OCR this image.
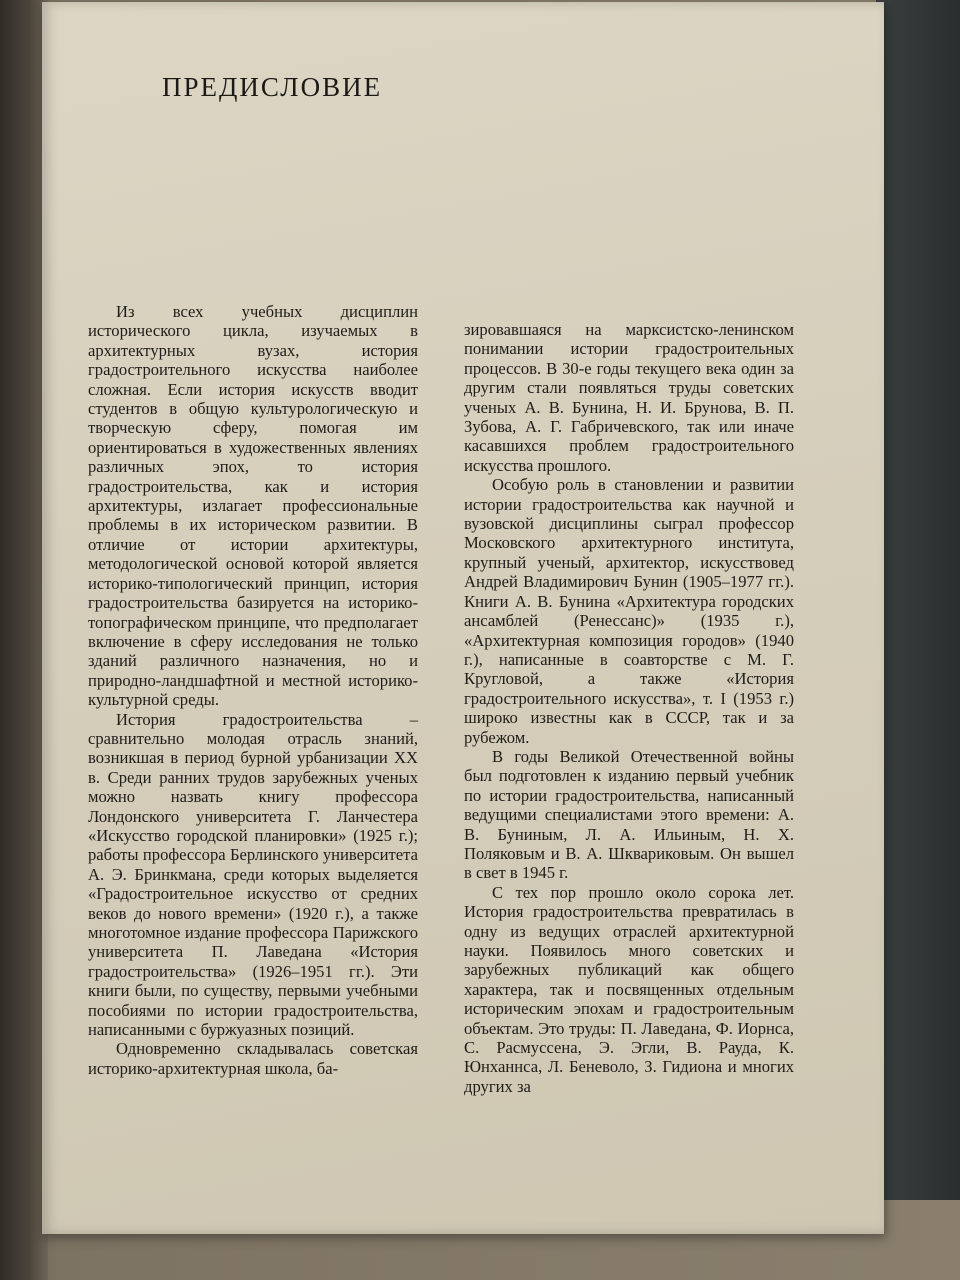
ПРЕДИСЛОВИЕ

Из всех учебных дисциплин исторического цикла, изучаемых в архитектурных вузах, история градостроительного искусства наиболее сложная. Если история искусств вводит студентов в общую культурологическую и творческую сферу, помогая им ориентироваться в художественных явлениях различных эпох, то история градостроительства, как и история архитектуры, излагает профессиональные проблемы в их историческом развитии. В отличие от истории архитектуры, методологической основой которой является историко-типологический принцип, история градостроительства базируется на историко-топографическом принципе, что предполагает включение в сферу исследования не только зданий различного назначения, но и природно-ландшафтной и местной историко-культурной среды.

История градостроительства – сравнительно молодая отрасль знаний, возникшая в период бурной урбанизации XX в. Среди ранних трудов зарубежных ученых можно назвать книгу профессора Лондонского университета Г. Ланчестера «Искусство городской планировки» (1925 г.); работы профессора Берлинского университета А. Э. Бринкмана, среди которых выделяется «Градостроительное искусство от средних веков до нового времени» (1920 г.), а также многотомное издание профессора Парижского университета П. Лаведана «История градостроительства» (1926–1951 гг.). Эти книги были, по существу, первыми учебными пособиями по истории градостроительства, написанными с буржуазных позиций.

Одновременно складывалась советская историко-архитектурная школа, ба-

зировавшаяся на марксистско-ленинском понимании истории градостроительных процессов. В 30-е годы текущего века один за другим стали появляться труды советских ученых А. В. Бунина, Н. И. Брунова, В. П. Зубова, А. Г. Габричевского, так или иначе касавшихся проблем градостроительного искусства прошлого.

Особую роль в становлении и развитии истории градостроительства как научной и вузовской дисциплины сыграл профессор Московского архитектурного института, крупный ученый, архитектор, искусствовед Андрей Владимирович Бунин (1905–1977 гг.). Книги А. В. Бунина «Архитектура городских ансамблей (Ренессанс)» (1935 г.), «Архитектурная композиция городов» (1940 г.), написанные в соавторстве с М. Г. Кругловой, а также «История градостроительного искусства», т. I (1953 г.) широко известны как в СССР, так и за рубежом.

В годы Великой Отечественной войны был подготовлен к изданию первый учебник по истории градостроительства, написанный ведущими специалистами этого времени: А. В. Буниным, Л. А. Ильиным, Н. Х. Поляковым и В. А. Шквариковым. Он вышел в свет в 1945 г.

С тех пор прошло около сорока лет. История градостроительства превратилась в одну из ведущих отраслей архитектурной науки. Появилось много советских и зарубежных публикаций как общего характера, так и посвященных отдельным историческим эпохам и градостроительным объектам. Это труды: П. Лаведана, Ф. Иорнса, С. Расмуссена, Э. Эгли, В. Рауда, К. Юнханнса, Л. Беневоло, З. Гидиона и многих других за
